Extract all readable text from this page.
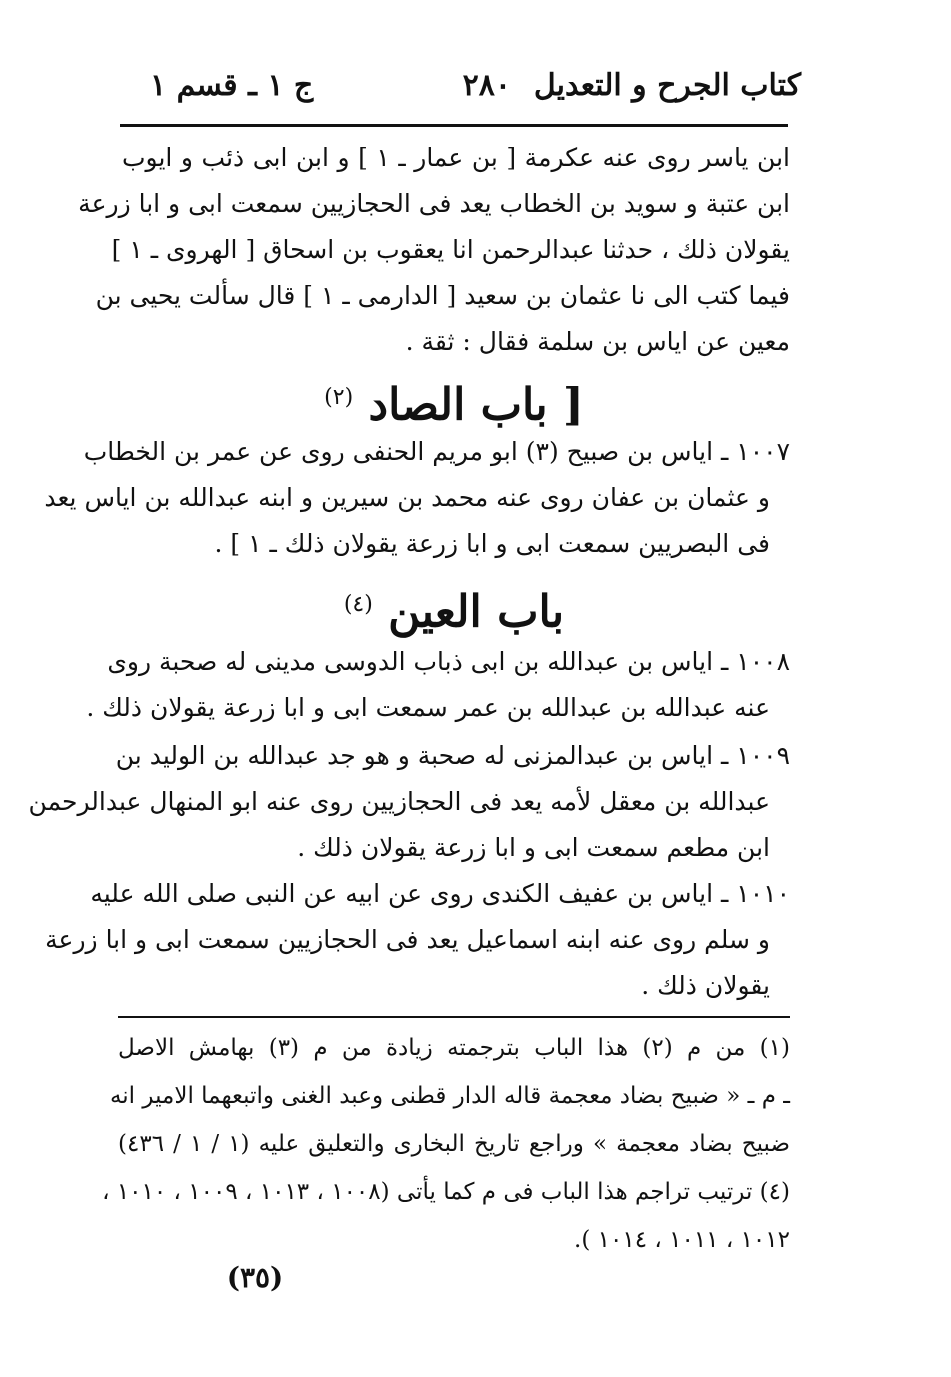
كتاب الجرح و التعديل
٢٨٠
ج ١ ـ قسم ١
ابن ياسر روى عنه عكرمة [ بن عمار ـ ١ ] و ابن ابى ذئب و ايوب
ابن عتبة و سويد بن الخطاب يعد فى الحجازيين سمعت ابى و ابا زرعة
يقولان ذلك ، حدثنا عبدالرحمن انا يعقوب بن اسحاق [ الهروى ـ ١ ]
فيما كتب الى نا عثمان بن سعيد [ الدارمى ـ ١ ] قال سألت يحيى بن
معين عن اياس بن سلمة فقال : ثقة .
[ باب الصاد $^{(٢)}$
١٠٠٧ ـ اياس بن صبيح (٣) ابو مريم الحنفى روى عن عمر بن الخطاب
و عثمان بن عفان روى عنه محمد بن سيرين و ابنه عبدالله بن اياس يعد
فى البصريين سمعت ابى و ابا زرعة يقولان ذلك ـ ١ ] .
باب العين $^{(٤)}$
١٠٠٨ ـ اياس بن عبدالله بن ابى ذباب الدوسى مدينى له صحبة روى
عنه عبدالله بن عبدالله بن عمر سمعت ابى و ابا زرعة يقولان ذلك .
١٠٠٩ ـ اياس بن عبدالمزنى له صحبة و هو جد عبدالله بن الوليد بن
عبدالله بن معقل لأمه يعد فى الحجازيين روى عنه ابو المنهال عبدالرحمن
ابن مطعم سمعت ابى و ابا زرعة يقولان ذلك .
١٠١٠ ـ اياس بن عفيف الكندى روى عن ابيه عن النبى صلى الله عليه
و سلم روى عنه ابنه اسماعيل يعد فى الحجازيين سمعت ابى و ابا زرعة
يقولان ذلك .
(١) من م (٢) هذا الباب بترجمته زيادة من م (٣) بهامش الاصل
ـ م ـ « ضبيح بضاد معجمة قاله الدار قطنى وعبد الغنى واتبعهما الامير انه
ضبيح بضاد معجمة » وراجع تاريخ البخارى والتعليق عليه (١ / ١ / ٤٣٦)
(٤) ترتيب تراجم هذا الباب فى م كما يأتى (١٠٠٨ ، ١٠١٣ ، ١٠٠٩ ، ١٠١٠ ،
١٠١٢ ، ١٠١١ ، ١٠١٤ ).
(٣٥)
